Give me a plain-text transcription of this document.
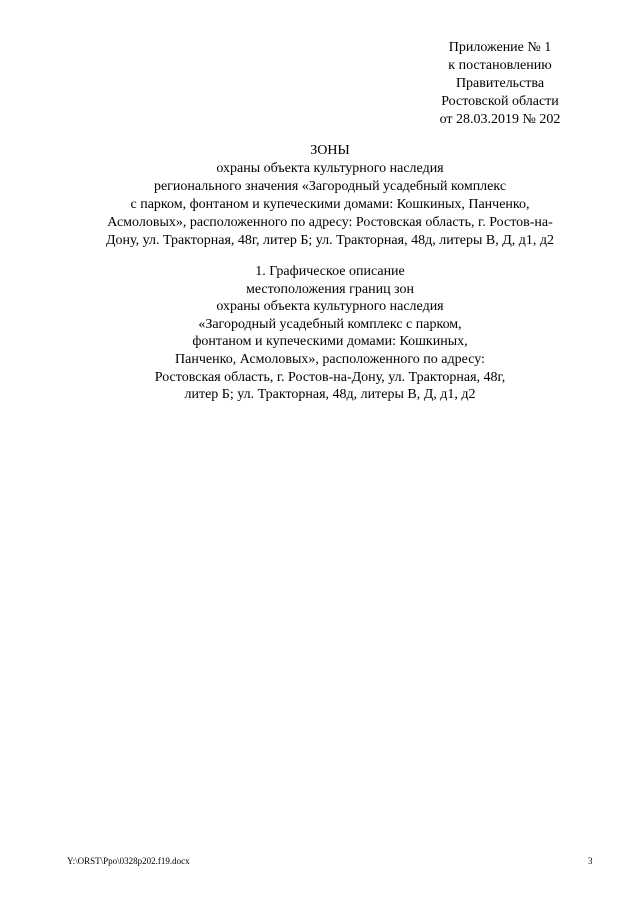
Приложение № 1
к постановлению
Правительства
Ростовской области
от 28.03.2019 № 202
ЗОНЫ
охраны объекта культурного наследия
регионального значения «Загородный усадебный комплекс
с парком, фонтаном и купеческими домами: Кошкиных, Панченко,
Асмоловых», расположенного по адресу: Ростовская область, г. Ростов-на-
Дону, ул. Тракторная, 48г, литер Б; ул. Тракторная, 48д, литеры В, Д, д1, д2
1. Графическое описание
местоположения границ зон
охраны объекта культурного наследия
«Загородный усадебный комплекс с парком,
фонтаном и купеческими домами: Кошкиных,
Панченко, Асмоловых», расположенного по адресу:
Ростовская область, г. Ростов-на-Дону, ул. Тракторная, 48г,
литер Б; ул. Тракторная, 48д, литеры В, Д, д1, д2
Y:\ORST\Ppo\0328p202.f19.docx	3
